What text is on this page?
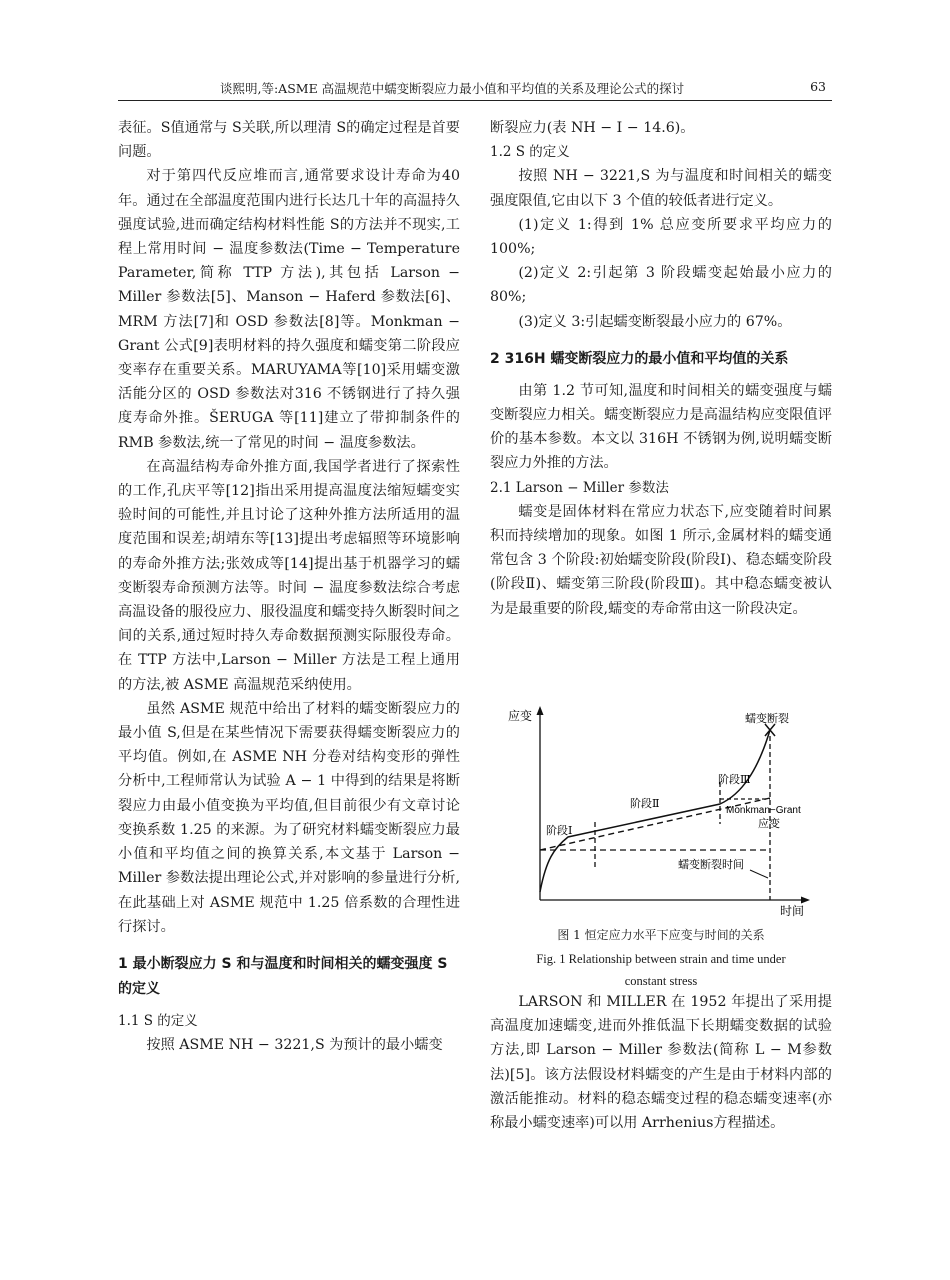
谈熙明,等:ASME 高温规范中蠕变断裂应力最小值和平均值的关系及理论公式的探讨	63

表征。S值通常与 S关联,所以理清 S的确定过程是首要问题。

对于第四代反应堆而言,通常要求设计寿命为40年。通过在全部温度范围内进行长达几十年的高温持久强度试验,进而确定结构材料性能 S的方法并不现实,工程上常用时间 − 温度参数法(Time − Temperature Parameter,简称 TTP 方法),其包括 Larson − Miller 参数法[5]、Manson − Haferd 参数法[6]、MRM 方法[7]和 OSD 参数法[8]等。Monkman − Grant 公式[9]表明材料的持久强度和蠕变第二阶段应变率存在重要关系。MARUYAMA等[10]采用蠕变激活能分区的 OSD 参数法对316 不锈钢进行了持久强度寿命外推。ŠERUGA 等[11]建立了带抑制条件的 RMB 参数法,统一了常见的时间 − 温度参数法。

在高温结构寿命外推方面,我国学者进行了探索性的工作,孔庆平等[12]指出采用提高温度法缩短蠕变实验时间的可能性,并且讨论了这种外推方法所适用的温度范围和误差;胡靖东等[13]提出考虑辐照等环境影响的寿命外推方法;张效成等[14]提出基于机器学习的蠕变断裂寿命预测方法等。时间 − 温度参数法综合考虑高温设备的服役应力、服役温度和蠕变持久断裂时间之间的关系,通过短时持久寿命数据预测实际服役寿命。在 TTP 方法中,Larson − Miller 方法是工程上通用的方法,被 ASME 高温规范采纳使用。

虽然 ASME 规范中给出了材料的蠕变断裂应力的最小值 S,但是在某些情况下需要获得蠕变断裂应力的平均值。例如,在 ASME NH 分卷对结构变形的弹性分析中,工程师常认为试验 A − 1 中得到的结果是将断裂应力由最小值变换为平均值,但目前很少有文章讨论变换系数 1.25 的来源。为了研究材料蠕变断裂应力最小值和平均值之间的换算关系,本文基于 Larson − Miller 参数法提出理论公式,并对影响的参量进行分析,在此基础上对 ASME 规范中 1.25 倍系数的合理性进行探讨。

1 最小断裂应力 S 和与温度和时间相关的蠕变强度 S 的定义
1.1 S 的定义

按照 ASME NH − 3221,S 为预计的最小蠕变

断裂应力(表 NH − I − 14.6)。

1.2 S 的定义

按照 NH − 3221,S 为与温度和时间相关的蠕变强度限值,它由以下 3 个值的较低者进行定义。

(1)定义 1:得到 1% 总应变所要求平均应力的 100%;

(2)定义 2:引起第 3 阶段蠕变起始最小应力的 80%;

(3)定义 3:引起蠕变断裂最小应力的 67%。

2 316H 蠕变断裂应力的最小值和平均值的关系

由第 1.2 节可知,温度和时间相关的蠕变强度与蠕变断裂应力相关。蠕变断裂应力是高温结构应变限值评价的基本参数。本文以 316H 不锈钢为例,说明蠕变断裂应力外推的方法。

2.1 Larson − Miller 参数法

蠕变是固体材料在常应力状态下,应变随着时间累积而持续增加的现象。如图 1 所示,金属材料的蠕变通常包含 3 个阶段:初始蠕变阶段(阶段Ⅰ)、稳态蠕变阶段(阶段Ⅱ)、蠕变第三阶段(阶段Ⅲ)。其中稳态蠕变被认为是最重要的阶段,蠕变的寿命常由这一阶段决定。

应变
时间
蠕变断裂
阶段Ⅲ
阶段Ⅱ
阶段Ⅰ
Monkman−Grant
应变
蠕变断裂时间
图 1 恒定应力水平下应变与时间的关系
Fig. 1 Relationship between strain and time under
constant stress

LARSON 和 MILLER 在 1952 年提出了采用提高温度加速蠕变,进而外推低温下长期蠕变数据的试验方法,即 Larson − Miller 参数法(简称 L − M参数法)[5]。该方法假设材料蠕变的产生是由于材料内部的激活能推动。材料的稳态蠕变过程的稳态蠕变速率(亦称最小蠕变速率)可以用 Arrhenius方程描述。
